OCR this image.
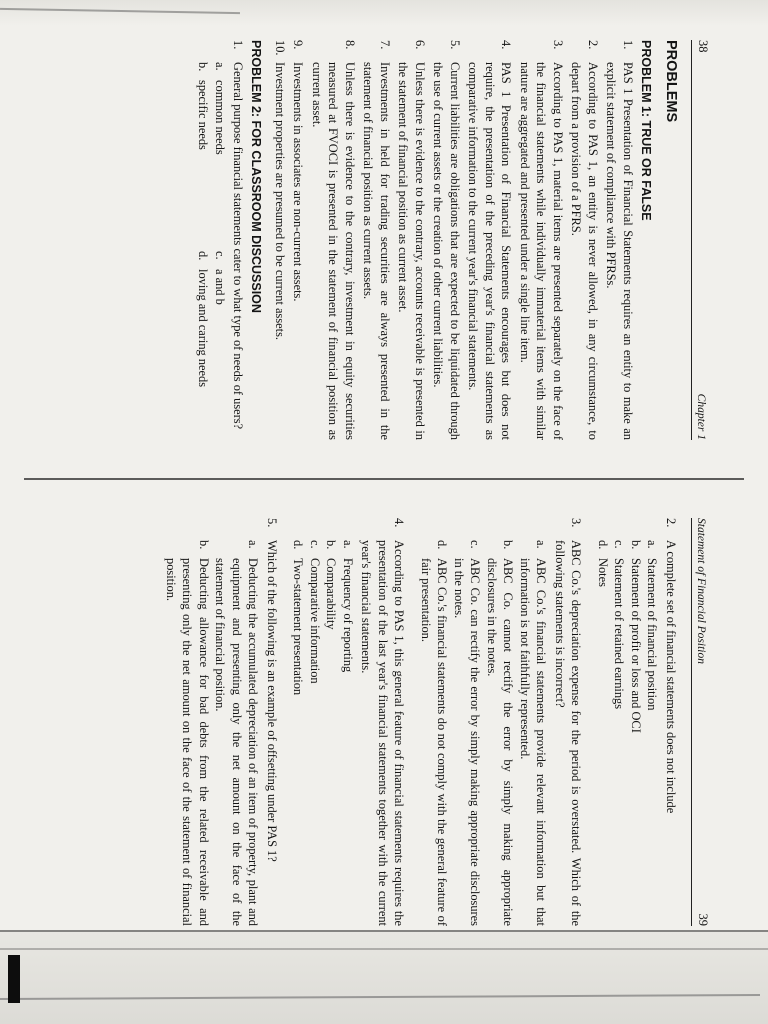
38
Chapter 1
PROBLEMS
PROBLEM 1: TRUE OR FALSE
1.
PAS 1 Presentation of Financial Statements requires an entity to make an explicit statement of compliance with PFRSs.
2.
According to PAS 1, an entity is never allowed, in any circumstance, to depart from a provision of a PFRS.
3.
According to PAS 1, material items are presented separately on the face of the financial statements while individually immaterial items with similar nature are aggregated and presented under a single line item.
4.
PAS 1 Presentation of Financial Statements encourages but does not require, the presentation of the preceding year's financial statements as comparative information to the current year's financial statements.
5.
Current liabilities are obligations that are expected to be liquidated through the use of current assets or the creation of other current liabilities.
6.
Unless there is evidence to the contrary, accounts receivable is presented in the statement of financial position as current asset.
7.
Investments in held for trading securities are always presented in the statement of financial position as current assets.
8.
Unless there is evidence to the contrary, investment in equity securities measured at FVOCI is presented in the statement of financial position as current asset.
9.
Investments in associates are non-current assets.
10.
Investment properties are presumed to be current assets.
PROBLEM 2: FOR CLASSROOM DISCUSSION
1.
General purpose financial statements cater to what type of needs of users?
a.
common needs
c.
a and b
b.
specific needs
d.
loving and caring needs
Statement of Financial Position
39
2.
A complete set of financial statements does not include
a.
Statement of financial position
b.
Statement of profit or loss and OCI
c.
Statement of retained earnings
d.
Notes
3.
ABC Co.'s depreciation expense for the period is overstated. Which of the following statements is incorrect?
a.
ABC Co.'s financial statements provide relevant information but that information is not faithfully represented.
b.
ABC Co. cannot rectify the error by simply making appropriate disclosures in the notes.
c.
ABC Co. can rectify the error by simply making appropriate disclosures in the notes.
d.
ABC Co.'s financial statements do not comply with the general feature of fair presentation.
4.
According to PAS 1, this general feature of financial statements requires the presentation of the last year's financial statements together with the current year's financial statements.
a.
Frequency of reporting
b.
Comparability
c.
Comparative information
d.
Two-statement presentation
5.
Which of the following is an example of offsetting under PAS 1?
a.
Deducting the accumulated depreciation of an item of property, plant and equipment and presenting only the net amount on the face of the statement of financial position.
b.
Deducting allowance for bad debts from the related receivable and presenting only the net amount on the face of the statement of financial position.
